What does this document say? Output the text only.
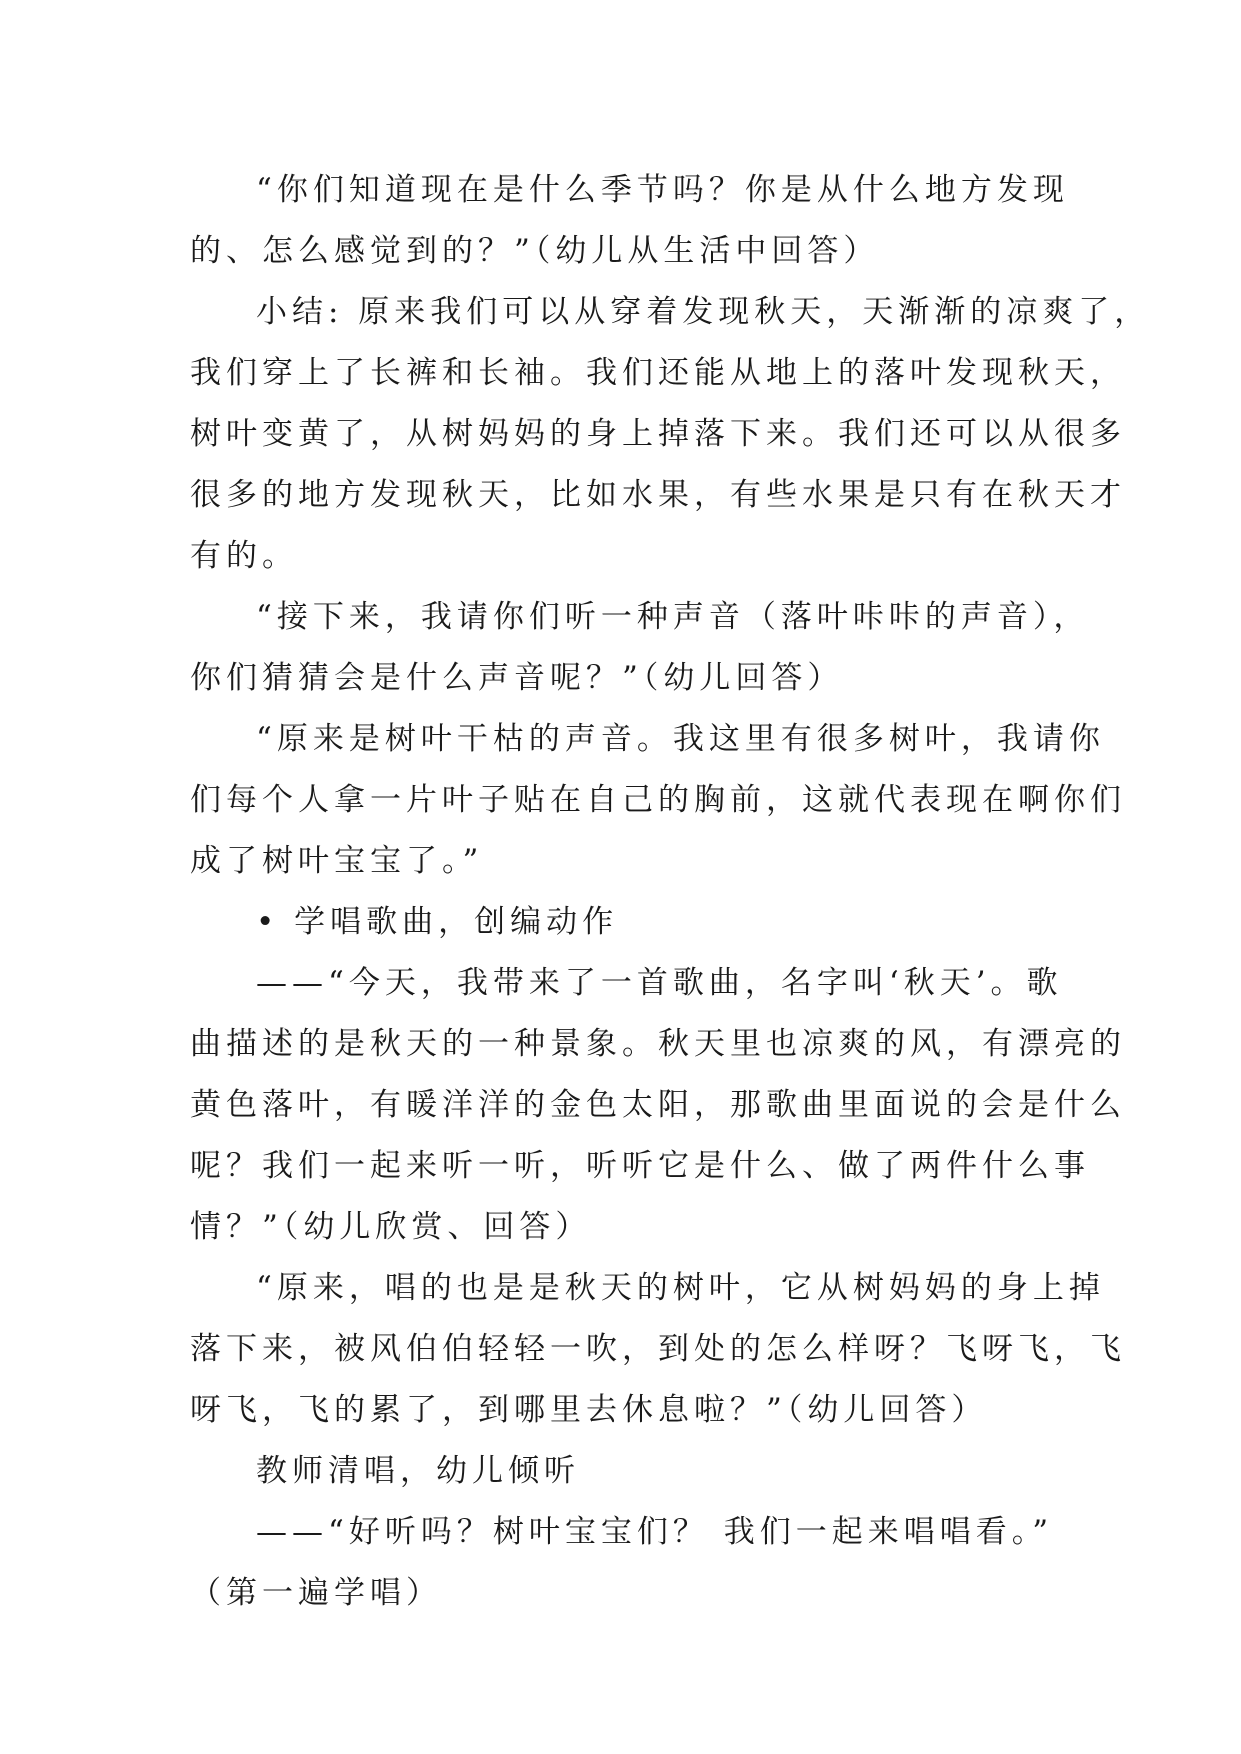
“你们知道现在是什么季节吗？你是从什么地方发现
的、怎么感觉到的？”（幼儿从生活中回答）
小结: 原来我们可以从穿着发现秋天，天渐渐的凉爽了，
我们穿上了长裤和长袖。我们还能从地上的落叶发现秋天，
树叶变黄了，从树妈妈的身上掉落下来。我们还可以从很多
很多的地方发现秋天，比如水果，有些水果是只有在秋天才
有的。
“接下来，我请你们听一种声音（落叶咔咔的声音），
你们猜猜会是什么声音呢？”（幼儿回答）
“原来是树叶干枯的声音。我这里有很多树叶，我请你
们每个人拿一片叶子贴在自己的胸前，这就代表现在啊你们
成了树叶宝宝了。”
• 学唱歌曲，创编动作
——“今天，我带来了一首歌曲，名字叫‘秋天’。歌
曲描述的是秋天的一种景象。秋天里也凉爽的风，有漂亮的
黄色落叶，有暖洋洋的金色太阳，那歌曲里面说的会是什么
呢？我们一起来听一听，听听它是什么、做了两件什么事
情？”（幼儿欣赏、回答）
“原来，唱的也是是秋天的树叶，它从树妈妈的身上掉
落下来，被风伯伯轻轻一吹，到处的怎么样呀？飞呀飞，飞
呀飞，飞的累了，到哪里去休息啦？”（幼儿回答）
教师清唱，幼儿倾听
——“好听吗？树叶宝宝们？ 我们一起来唱唱看。”
（第一遍学唱）
